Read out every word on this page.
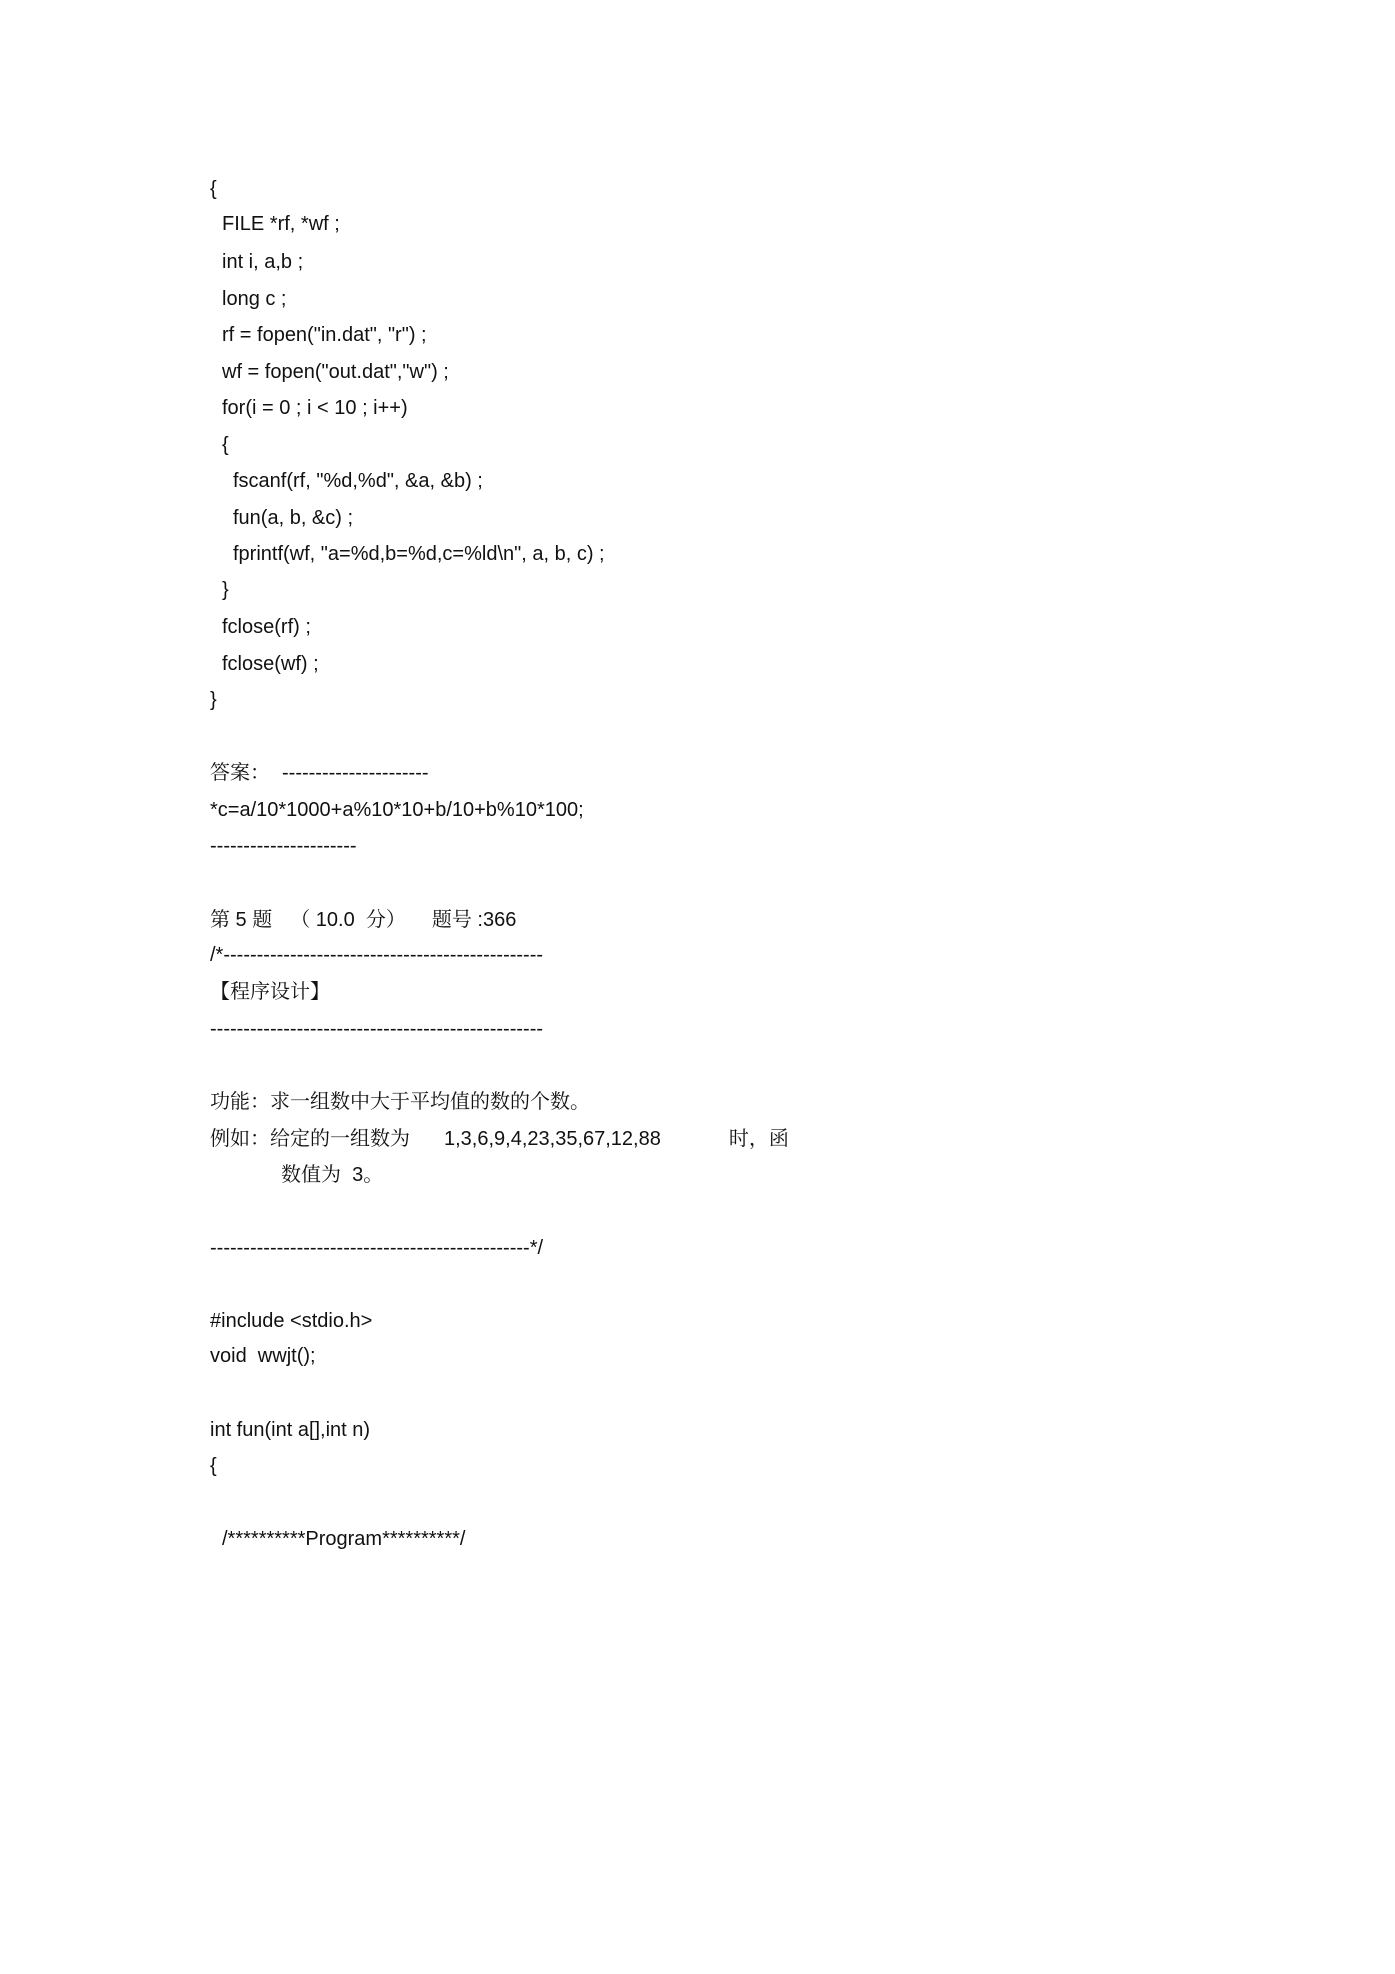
{
FILE *rf, *wf ;
int i, a,b ;
long c ;
rf = fopen("in.dat", "r") ;
wf = fopen("out.dat","w") ;
for(i = 0 ; i < 10 ; i++)
{
fscanf(rf, "%d,%d", &a, &b) ;
fun(a, b, &c) ;
fprintf(wf, "a=%d,b=%d,c=%ld\n", a, b, c) ;
}
fclose(rf) ;
fclose(wf) ;
}
答案： ----------------------
*c=a/10*1000+a%10*10+b/10+b%10*100;
----------------------
第 5 题 （ 10.0  分） 题号 :366
/*------------------------------------------------
【程序设计】
--------------------------------------------------
功能：求一组数中大于平均值的数的个数。
例如：给定的一组数为 1,3,6,9,4,23,35,67,12,88	时，函
数值为  3。
------------------------------------------------*/
#include <stdio.h>
void  wwjt();
int fun(int a[],int n)
{
/**********Program**********/
